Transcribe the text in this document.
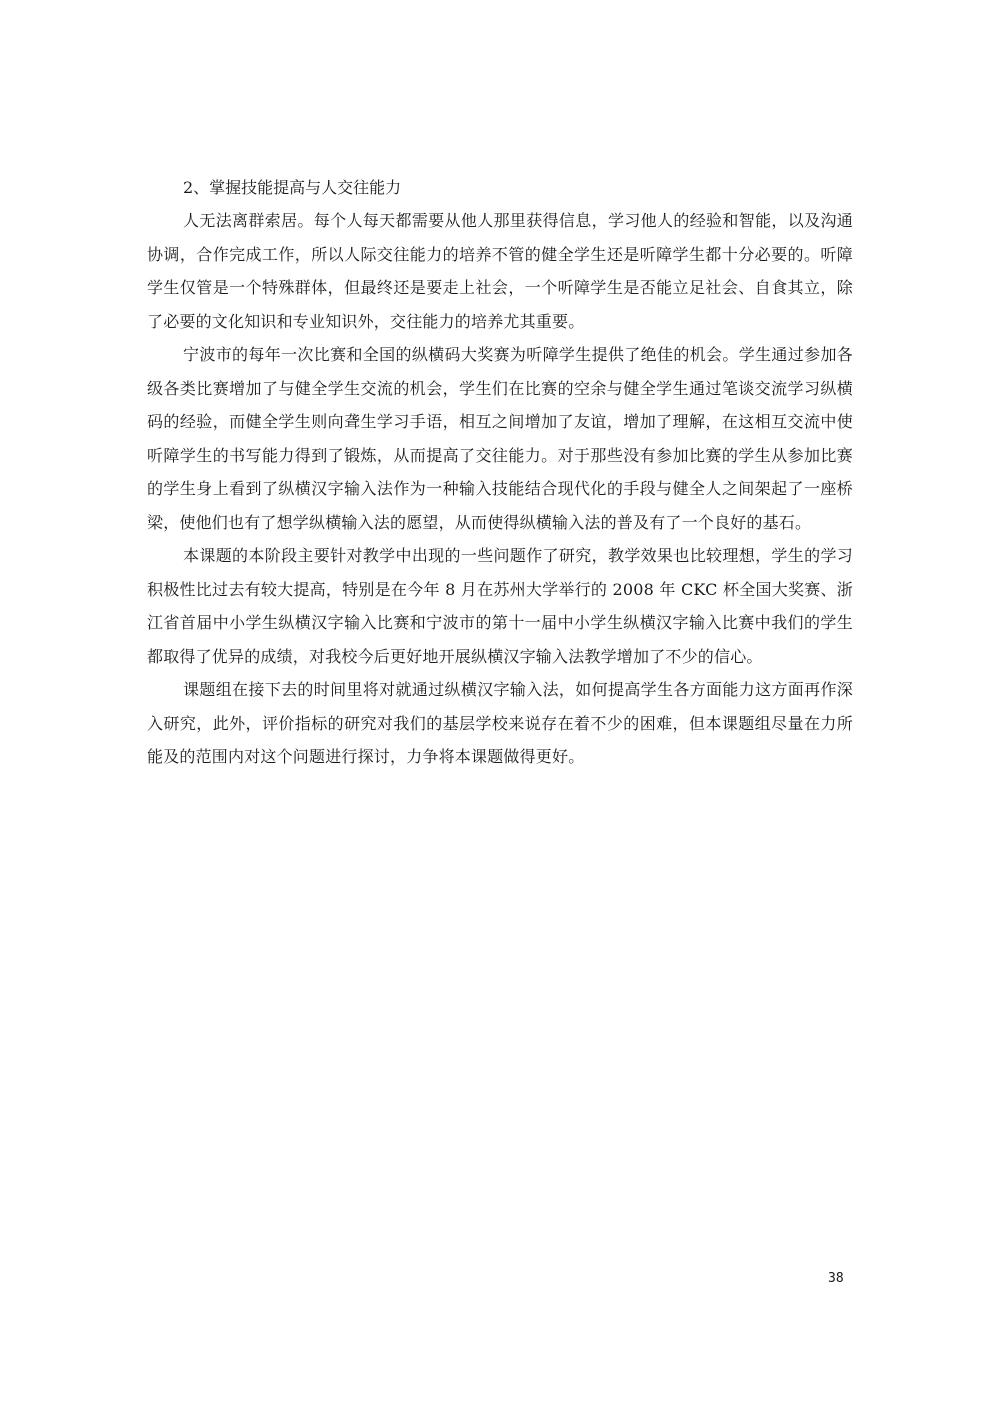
2、掌握技能提高与人交往能力

人无法离群索居。每个人每天都需要从他人那里获得信息，学习他人的经验和智能，以及沟通协调，合作完成工作，所以人际交往能力的培养不管的健全学生还是听障学生都十分必要的。听障学生仅管是一个特殊群体，但最终还是要走上社会，一个听障学生是否能立足社会、自食其立，除了必要的文化知识和专业知识外，交往能力的培养尤其重要。

宁波市的每年一次比赛和全国的纵横码大奖赛为听障学生提供了绝佳的机会。学生通过参加各级各类比赛增加了与健全学生交流的机会，学生们在比赛的空余与健全学生通过笔谈交流学习纵横码的经验，而健全学生则向聋生学习手语，相互之间增加了友谊，增加了理解，在这相互交流中使听障学生的书写能力得到了锻炼，从而提高了交往能力。对于那些没有参加比赛的学生从参加比赛的学生身上看到了纵横汉字输入法作为一种输入技能结合现代化的手段与健全人之间架起了一座桥梁，使他们也有了想学纵横输入法的愿望，从而使得纵横输入法的普及有了一个良好的基石。

本课题的本阶段主要针对教学中出现的一些问题作了研究，教学效果也比较理想，学生的学习积极性比过去有较大提高，特别是在今年 8 月在苏州大学举行的 2008 年 CKC 杯全国大奖赛、浙江省首届中小学生纵横汉字输入比赛和宁波市的第十一届中小学生纵横汉字输入比赛中我们的学生都取得了优异的成绩，对我校今后更好地开展纵横汉字输入法教学增加了不少的信心。

课题组在接下去的时间里将对就通过纵横汉字输入法，如何提高学生各方面能力这方面再作深入研究，此外，评价指标的研究对我们的基层学校来说存在着不少的困难，但本课题组尽量在力所能及的范围内对这个问题进行探讨，力争将本课题做得更好。

38
